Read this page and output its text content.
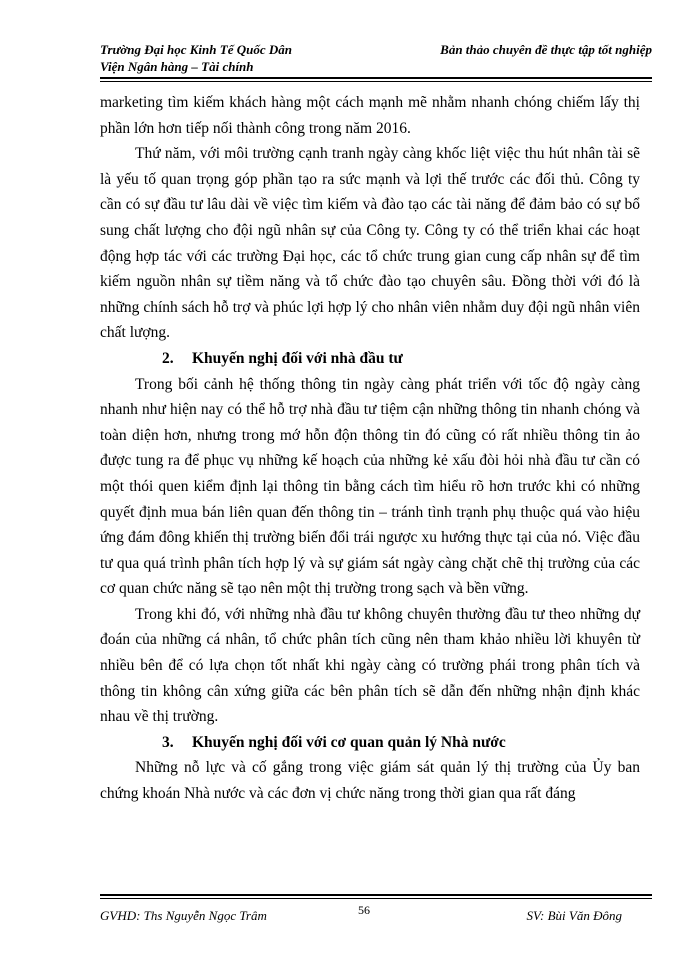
Trường Đại học Kinh Tế Quốc Dân	Bản thảo chuyên đề thực tập tốt nghiệp
Viện Ngân hàng – Tài chính

marketing tìm kiếm khách hàng một cách mạnh mẽ nhằm nhanh chóng chiếm lấy thị phần lớn hơn tiếp nối thành công trong năm 2016.

Thứ năm, với môi trường cạnh tranh ngày càng khốc liệt việc thu hút nhân tài sẽ là yếu tố quan trọng góp phần tạo ra sức mạnh và lợi thế trước các đối thủ. Công ty cần có sự đầu tư lâu dài về việc tìm kiếm và đào tạo các tài năng để đảm bảo có sự bổ sung chất lượng cho đội ngũ nhân sự của Công ty. Công ty có thể triển khai các hoạt động hợp tác với các trường Đại học, các tổ chức trung gian cung cấp nhân sự để tìm kiếm nguồn nhân sự tiềm năng và tổ chức đào tạo chuyên sâu. Đồng thời với đó là những chính sách hỗ trợ và phúc lợi hợp lý cho nhân viên nhằm duy đội ngũ nhân viên chất lượng.

2. Khuyến nghị đối với nhà đầu tư

Trong bối cảnh hệ thống thông tin ngày càng phát triển với tốc độ ngày càng nhanh như hiện nay có thể hỗ trợ nhà đầu tư tiệm cận những thông tin nhanh chóng và toàn diện hơn, nhưng trong mớ hỗn độn thông tin đó cũng có rất nhiều thông tin ảo được tung ra để phục vụ những kế hoạch của những kẻ xấu đòi hỏi nhà đầu tư cần có một thói quen kiểm định lại thông tin bằng cách tìm hiểu rõ hơn trước khi có những quyết định mua bán liên quan đến thông tin – tránh tình trạnh phụ thuộc quá vào hiệu ứng đám đông khiến thị trường biến đổi trái ngược xu hướng thực tại của nó. Việc đầu tư qua quá trình phân tích hợp lý và sự giám sát ngày càng chặt chẽ thị trường của các cơ quan chức năng sẽ tạo nên một thị trường trong sạch và bền vững.

Trong khi đó, với những nhà đầu tư không chuyên thường đầu tư theo những dự đoán của những cá nhân, tổ chức phân tích cũng nên tham khảo nhiều lời khuyên từ nhiều bên để có lựa chọn tốt nhất khi ngày càng có trường phái trong phân tích và thông tin không cân xứng giữa các bên phân tích sẽ dẫn đến những nhận định khác nhau về thị trường.

3. Khuyến nghị đối với cơ quan quản lý Nhà nước

Những nỗ lực và cố gắng trong việc giám sát quản lý thị trường của Ủy ban chứng khoán Nhà nước và các đơn vị chức năng trong thời gian qua rất đáng

GVHD: Ths Nguyễn Ngọc Trâm	56	SV: Bùi Văn Đông
